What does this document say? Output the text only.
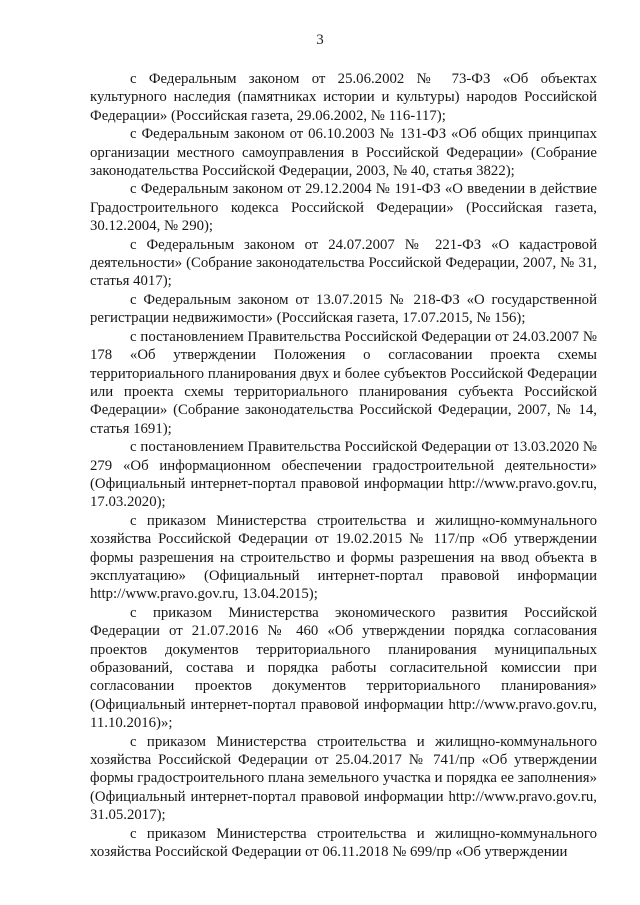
3

с Федеральным законом от 25.06.2002 № 73-ФЗ «Об объектах культурного наследия (памятниках истории и культуры) народов Российской Федерации» (Российская газета, 29.06.2002, № 116-117);

с Федеральным законом от 06.10.2003 № 131-ФЗ «Об общих принципах организации местного самоуправления в Российской Федерации» (Собрание законодательства Российской Федерации, 2003, № 40, статья 3822);

с Федеральным законом от 29.12.2004 № 191-ФЗ «О введении в действие Градостроительного кодекса Российской Федерации» (Российская газета, 30.12.2004, № 290);

с Федеральным законом от 24.07.2007 № 221-ФЗ «О кадастровой деятельности» (Собрание законодательства Российской Федерации, 2007, № 31, статья 4017);

с Федеральным законом от 13.07.2015 № 218-ФЗ «О государственной регистрации недвижимости» (Российская газета, 17.07.2015, № 156);

с постановлением Правительства Российской Федерации от 24.03.2007 № 178 «Об утверждении Положения о согласовании проекта схемы территориального планирования двух и более субъектов Российской Федерации или проекта схемы территориального планирования субъекта Российской Федерации» (Собрание законодательства Российской Федерации, 2007, № 14, статья 1691);

с постановлением Правительства Российской Федерации от 13.03.2020 № 279 «Об информационном обеспечении градостроительной деятельности» (Официальный интернет-портал правовой информации http://www.pravo.gov.ru, 17.03.2020);

с приказом Министерства строительства и жилищно-коммунального хозяйства Российской Федерации от 19.02.2015 № 117/пр «Об утверждении формы разрешения на строительство и формы разрешения на ввод объекта в эксплуатацию» (Официальный интернет-портал правовой информации http://www.pravo.gov.ru, 13.04.2015);

с приказом Министерства экономического развития Российской Федерации от 21.07.2016 № 460 «Об утверждении порядка согласования проектов документов территориального планирования муниципальных образований, состава и порядка работы согласительной комиссии при согласовании проектов документов территориального планирования» (Официальный интернет-портал правовой информации http://www.pravo.gov.ru, 11.10.2016)»;

с приказом Министерства строительства и жилищно-коммунального хозяйства Российской Федерации от 25.04.2017 № 741/пр «Об утверждении формы градостроительного плана земельного участка и порядка ее заполнения» (Официальный интернет-портал правовой информации http://www.pravo.gov.ru, 31.05.2017);

с приказом Министерства строительства и жилищно-коммунального хозяйства Российской Федерации от 06.11.2018 № 699/пр «Об утверждении
